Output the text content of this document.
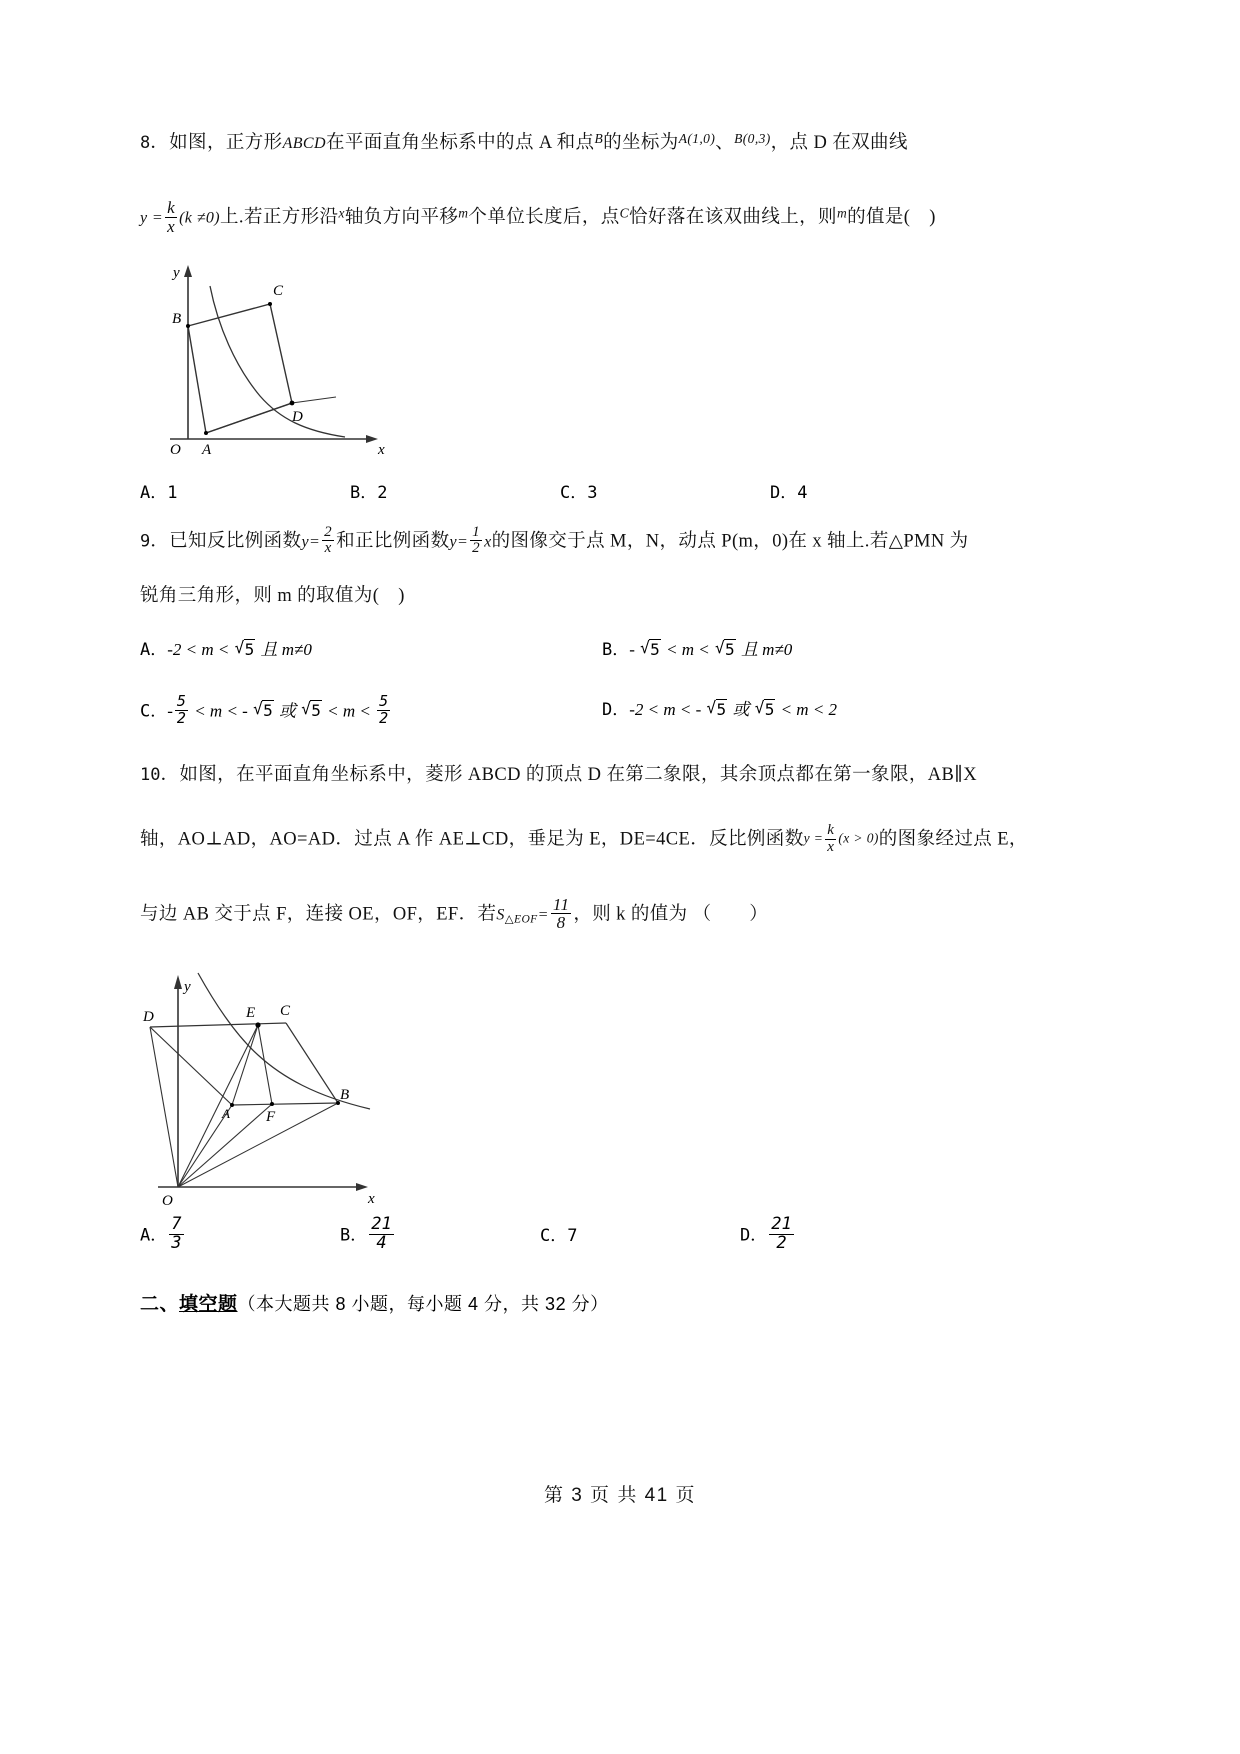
8．如图，正方形ABCD在平面直角坐标系中的点 A 和点$^B$的坐标为$^{A(1,0)}$、$^{B(0,3)}$，点 D 在双曲线
$y = \frac{k}{x} (k \ne 0)$上.若正方形沿$^x$轴负方向平移$^m$个单位长度后，点$^C$恰好落在该双曲线上，则$^m$的值是(　)
B
C
D
A
O	x
y
A．1	B．2	C．3	D．4
9．已知反比例函数$y= \frac{2}{x}$ 和正比例函数$y= \frac{1}{2}$ x的图像交于点 M，N，动点 P(m，0)在 x 轴上.若△PMN 为
锐角三角形，则 m 的取值为(　)
A．-2 < m < √ 5 且 m≠0	B．- √ 5 < m < √ 5 且 m≠0
C．- $\frac{5}{2} < m$ < - √ 5 或 √ $5 < m < \frac{5}{2}$	D．-2 < m < - √ 5 或 √ 5 < m < 2
10．如图，在平面直角坐标系中，菱形 ABCD 的顶点 D 在第二象限，其余顶点都在第一象限，AB∥X
轴，AO⊥AD，AO=AD．过点 A 作 AE⊥CD，垂足为 E，DE=4CE．反比例函数$y = \frac{k}{x} (x > 0)$的图象经过点 E，
与边 AB 交于点 F，连接 OE，OF，EF．若$S_{\triangle EOF}= \frac{11}{8}$ ，则 k 的值为 （　　）
D	E C
A F
B
O	x
y
A． $\frac{7}{3}$	B． $\frac{21}{4}$	C．7	D． $\frac{21}{2}$
二、填空题（本大题共 8 小题，每小题 4 分，共 32 分）
第 3 页 共 41 页
